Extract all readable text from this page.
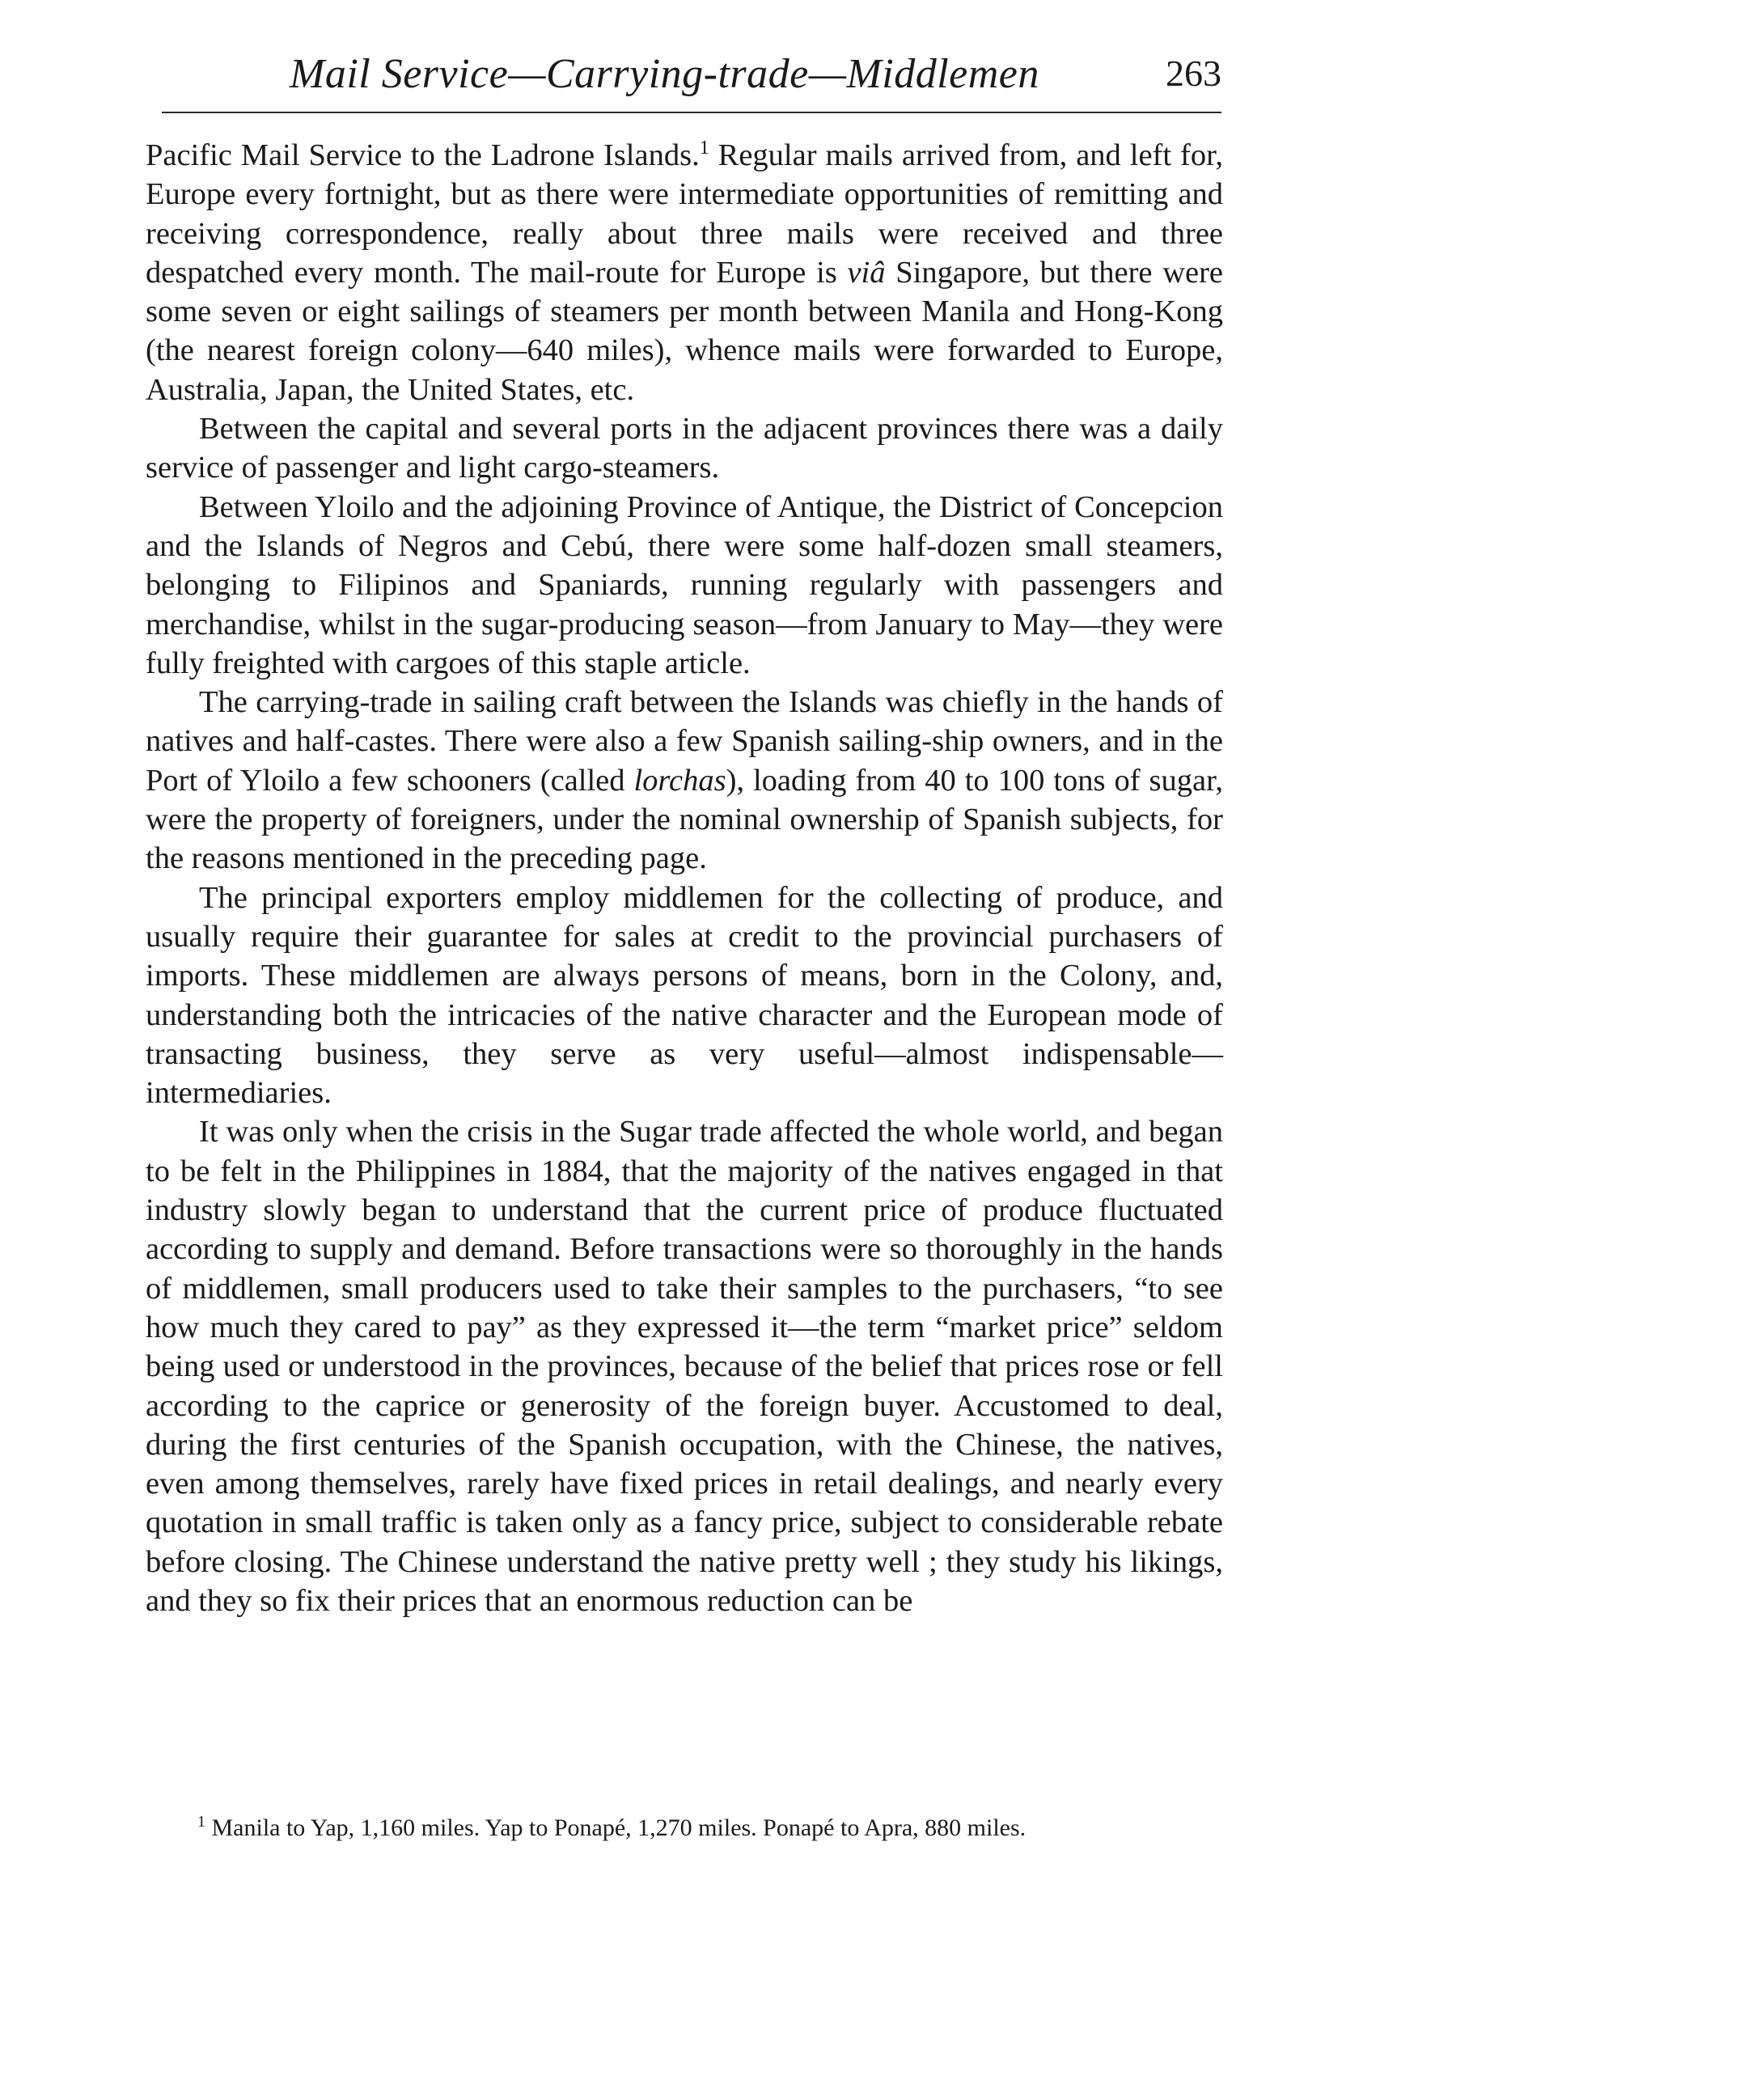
Mail Service—Carrying-trade—Middlemen	263

Pacific Mail Service to the Ladrone Islands.$^1$ Regular mails arrived from, and left for, Europe every fortnight, but as there were intermediate opportunities of remitting and receiving correspondence, really about three mails were received and three despatched every month. The mail-route for Europe is viâ Singapore, but there were some seven or eight sailings of steamers per month between Manila and Hong-Kong (the nearest foreign colony—640 miles), whence mails were forwarded to Europe, Australia, Japan, the United States, etc.

Between the capital and several ports in the adjacent provinces there was a daily service of passenger and light cargo-steamers.

Between Yloilo and the adjoining Province of Antique, the District of Concepcion and the Islands of Negros and Cebú, there were some half-dozen small steamers, belonging to Filipinos and Spaniards, running regularly with passengers and merchandise, whilst in the sugar-producing season—from January to May—they were fully freighted with cargoes of this staple article.

The carrying-trade in sailing craft between the Islands was chiefly in the hands of natives and half-castes. There were also a few Spanish sailing-ship owners, and in the Port of Yloilo a few schooners (called lorchas), loading from 40 to 100 tons of sugar, were the property of foreigners, under the nominal ownership of Spanish subjects, for the reasons mentioned in the preceding page.

The principal exporters employ middlemen for the collecting of produce, and usually require their guarantee for sales at credit to the provincial purchasers of imports. These middlemen are always persons of means, born in the Colony, and, understanding both the intricacies of the native character and the European mode of transacting business, they serve as very useful—almost indispensable—intermediaries.

It was only when the crisis in the Sugar trade affected the whole world, and began to be felt in the Philippines in 1884, that the majority of the natives engaged in that industry slowly began to understand that the current price of produce fluctuated according to supply and demand. Before transactions were so thoroughly in the hands of middlemen, small producers used to take their samples to the purchasers, “to see how much they cared to pay” as they expressed it—the term “market price” seldom being used or understood in the provinces, because of the belief that prices rose or fell according to the caprice or generosity of the foreign buyer. Accustomed to deal, during the first centuries of the Spanish occupation, with the Chinese, the natives, even among themselves, rarely have fixed prices in retail dealings, and nearly every quotation in small traffic is taken only as a fancy price, subject to considerable rebate before closing. The Chinese understand the native pretty well ; they study his likings, and they so fix their prices that an enormous reduction can be

$^1$ Manila to Yap, 1,160 miles. Yap to Ponapé, 1,270 miles. Ponapé to Apra, 880 miles.
